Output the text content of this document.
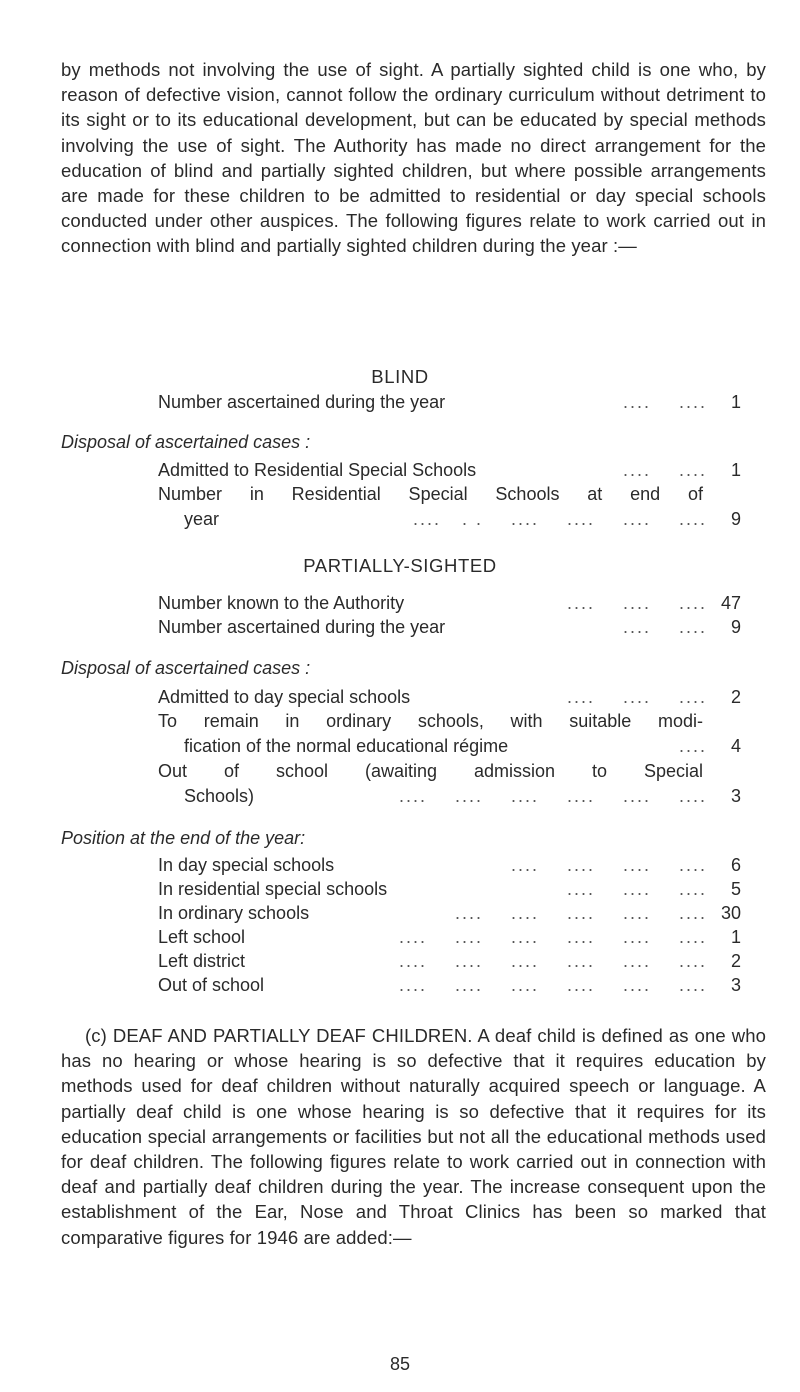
by methods not involving the use of sight. A partially sighted child is one who, by reason of defective vision, cannot follow the ordinary curriculum without detriment to its sight or to its educational development, but can be educated by special methods involving the use of sight. The Authority has made no direct arrangement for the education of blind and partially sighted children, but where possible arrangements are made for these children to be admitted to residential or day special schools conducted under other auspices. The following figures relate to work carried out in connection with blind and partially sighted children during the year :—

BLIND
....    ....
Number ascertained during the year	1
Disposal of ascertained cases :
....    ....
Admitted to Residential Special Schools	1
Number in Residential Special Schools at end of
....   . .    ....    ....    ....    ....
year	9
PARTIALLY-SIGHTED
....    ....    ....
Number known to the Authority	47
....    ....
Number ascertained during the year	9
Disposal of ascertained cases :
....    ....    ....
Admitted to day special schools	2
To remain in ordinary schools, with suitable modi-
....
fication of the normal educational régime	4
Out of school (awaiting admission to Special
....    ....    ....    ....    ....    ....
Schools)	3
Position at the end of the year:
....    ....    ....    ....
In day special schools	6
....    ....    ....
In residential special schools	5
....    ....    ....    ....    ....
In ordinary schools	30
....    ....    ....    ....    ....    ....
Left school	1
....    ....    ....    ....    ....    ....
Left district	2
....    ....    ....    ....    ....    ....
Out of school	3

(c) DEAF AND PARTIALLY DEAF CHILDREN. A deaf child is defined as one who has no hearing or whose hearing is so defective that it requires education by methods used for deaf children without naturally acquired speech or language. A partially deaf child is one whose hearing is so defective that it requires for its education special arrangements or facilities but not all the educational methods used for deaf children. The following figures relate to work carried out in connection with deaf and partially deaf children during the year. The increase consequent upon the establishment of the Ear, Nose and Throat Clinics has been so marked that comparative figures for 1946 are added:—

85
